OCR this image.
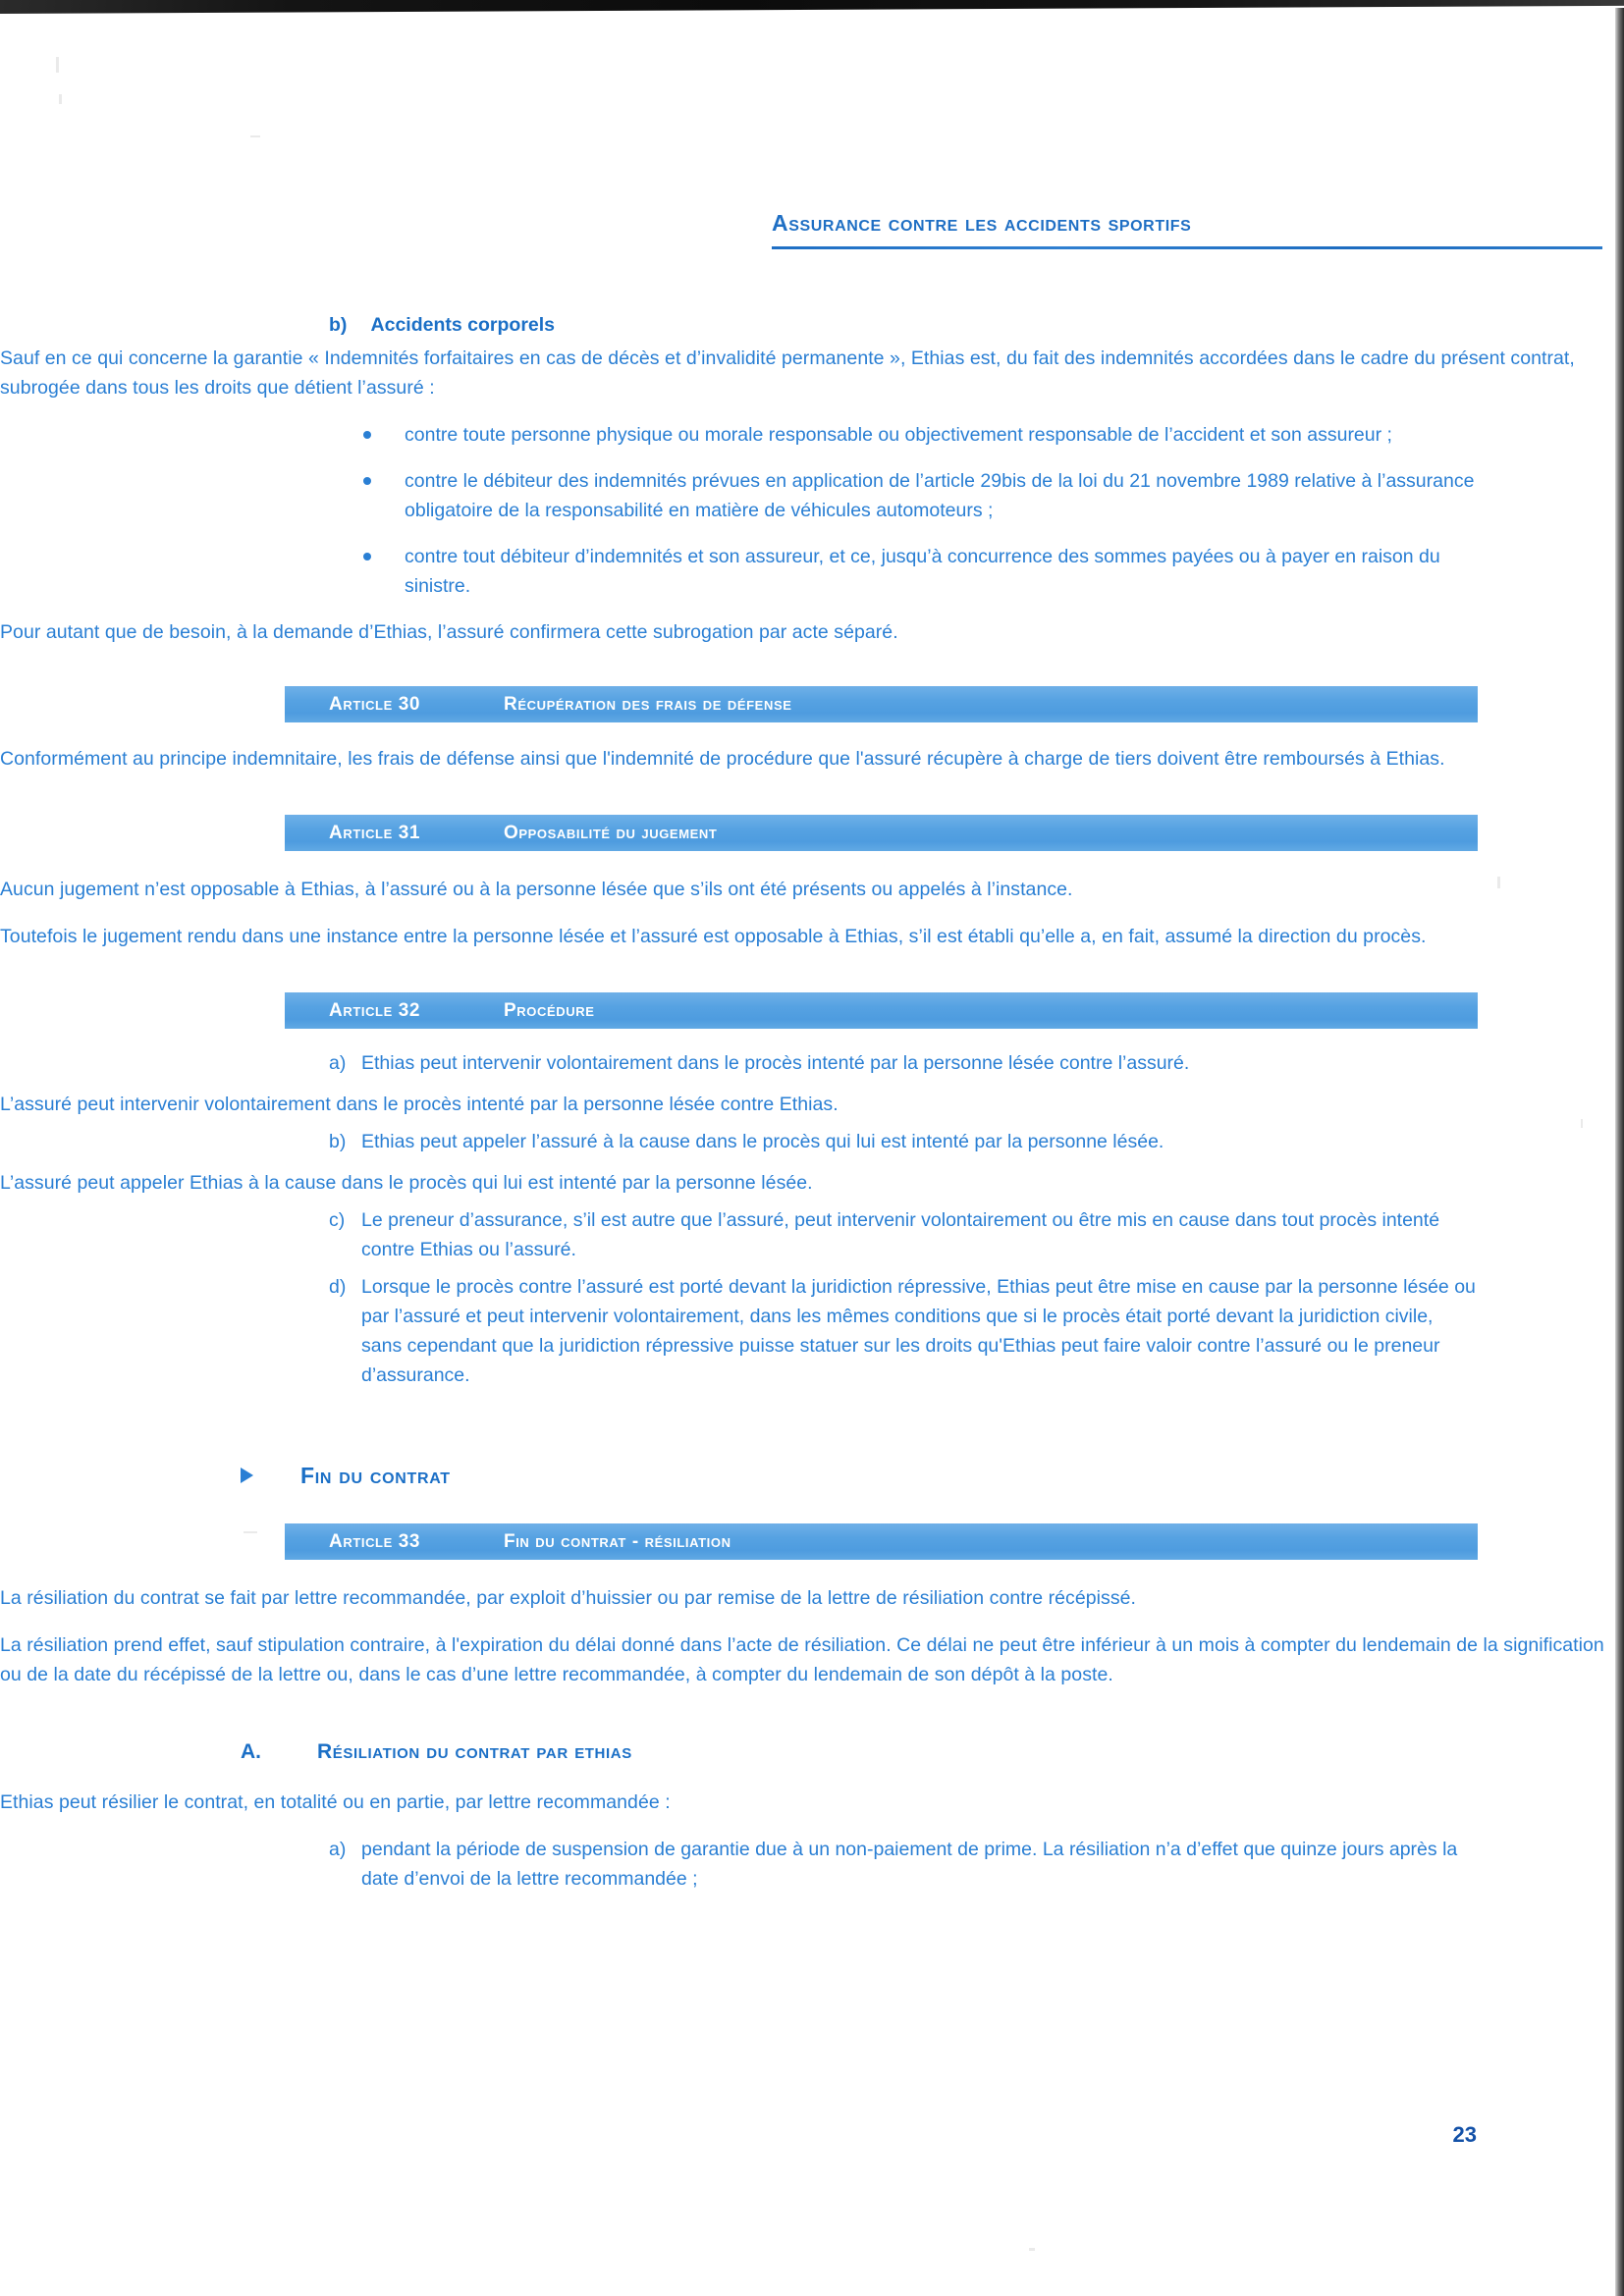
Assurance contre les accidents sportifs
b) Accidents corporels
Sauf en ce qui concerne la garantie « Indemnités forfaitaires en cas de décès et d’invalidité permanente », Ethias est, du fait des indemnités accordées dans le cadre du présent contrat, subrogée dans tous les droits que détient l’assuré :
contre toute personne physique ou morale responsable ou objectivement responsable de l’accident et son assureur ;
contre le débiteur des indemnités prévues en application de l’article 29bis de la loi du 21 novembre 1989 relative à l’assurance obligatoire de la responsabilité en matière de véhicules automoteurs ;
contre tout débiteur d’indemnités et son assureur, et ce, jusqu’à concurrence des sommes payées ou à payer en raison du sinistre.
Pour autant que de besoin, à la demande d’Ethias, l’assuré confirmera cette subrogation par acte séparé.
Article 30	récupération des frais de défense
Conformément au principe indemnitaire, les frais de défense ainsi que l'indemnité de procédure que l'assuré récupère à charge de tiers doivent être remboursés à Ethias.
Article 31	opposabilité du jugement
Aucun jugement n’est opposable à Ethias, à l’assuré ou à la personne lésée que s’ils ont été présents ou appelés à l’instance.
Toutefois le jugement rendu dans une instance entre la personne lésée et l’assuré est opposable à Ethias, s’il est établi qu’elle a, en fait, assumé la direction du procès.
Article 32	procédure
a) Ethias peut intervenir volontairement dans le procès intenté par la personne lésée contre l’assuré.
L’assuré peut intervenir volontairement dans le procès intenté par la personne lésée contre Ethias.
b) Ethias peut appeler l’assuré à la cause dans le procès qui lui est intenté par la personne lésée.
L’assuré peut appeler Ethias à la cause dans le procès qui lui est intenté par la personne lésée.
c) Le preneur d’assurance, s’il est autre que l’assuré, peut intervenir volontairement ou être mis en cause dans tout procès intenté contre Ethias ou l’assuré.
d) Lorsque le procès contre l’assuré est porté devant la juridiction répressive, Ethias peut être mise en cause par la personne lésée ou par l’assuré et peut intervenir volontairement, dans les mêmes conditions que si le procès était porté devant la juridiction civile, sans cependant que la juridiction répressive puisse statuer sur les droits qu'Ethias peut faire valoir contre l’assuré ou le preneur d’assurance.
Fin du contrat
Article 33	fin du contrat - résiliation
La résiliation du contrat se fait par lettre recommandée, par exploit d’huissier ou par remise de la lettre de résiliation contre récépissé.
La résiliation prend effet, sauf stipulation contraire, à l'expiration du délai donné dans l’acte de résiliation. Ce délai ne peut être inférieur à un mois à compter du lendemain de la signification ou de la date du récépissé de la lettre ou, dans le cas d’une lettre recommandée, à compter du lendemain de son dépôt à la poste.
A.	résiliation du contrat par ethias
Ethias peut résilier le contrat, en totalité ou en partie, par lettre recommandée :
a) pendant la période de suspension de garantie due à un non-paiement de prime. La résiliation n’a d’effet que quinze jours après la date d’envoi de la lettre recommandée ;
23
